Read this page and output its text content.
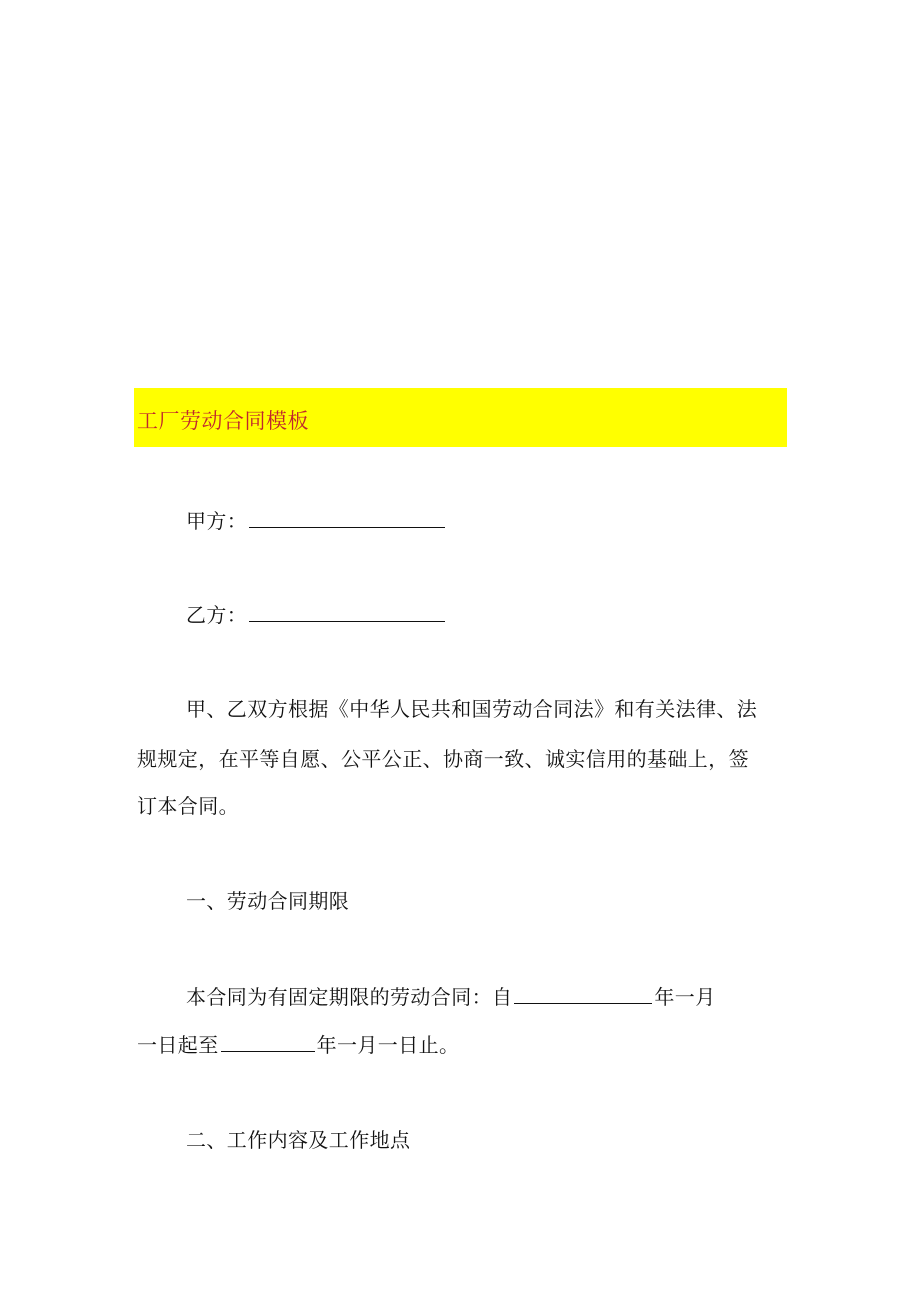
工厂劳动合同模板
甲方：
乙方：
甲、乙双方根据《中华人民共和国劳动合同法》和有关法律、法
规规定，在平等自愿、公平公正、协商一致、诚实信用的基础上，签
订本合同。
一、劳动合同期限
本合同为有固定期限的劳动合同：自	年一月
一日起至	年一月一日止。
二、工作内容及工作地点
